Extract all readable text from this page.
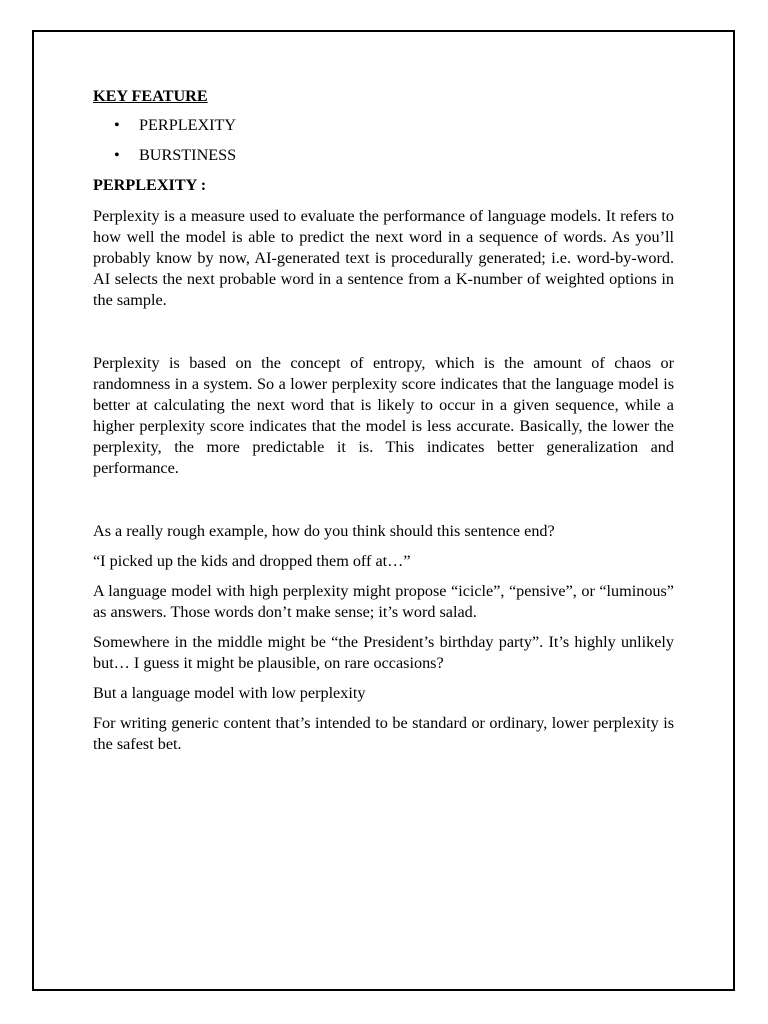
KEY FEATURE
• PERPLEXITY
• BURSTINESS
PERPLEXITY :

Perplexity is a measure used to evaluate the performance of language models. It refers to how well the model is able to predict the next word in a sequence of words. As you’ll probably know by now, AI-generated text is procedurally generated; i.e. word-by-word. AI selects the next probable word in a sentence from a K-number of weighted options in the sample.

Perplexity is based on the concept of entropy, which is the amount of chaos or randomness in a system. So a lower perplexity score indicates that the language model is better at calculating the next word that is likely to occur in a given sequence, while a higher perplexity score indicates that the model is less accurate. Basically, the lower the perplexity, the more predictable it is. This indicates better generalization and performance.

As a really rough example, how do you think should this sentence end?

“I picked up the kids and dropped them off at…”

A language model with high perplexity might propose “icicle”, “pensive”, or “luminous” as answers. Those words don’t make sense; it’s word salad.

Somewhere in the middle might be “the President’s birthday party”. It’s highly unlikely but… I guess it might be plausible, on rare occasions?

But a language model with low perplexity

For writing generic content that’s intended to be standard or ordinary, lower perplexity is the safest bet.
